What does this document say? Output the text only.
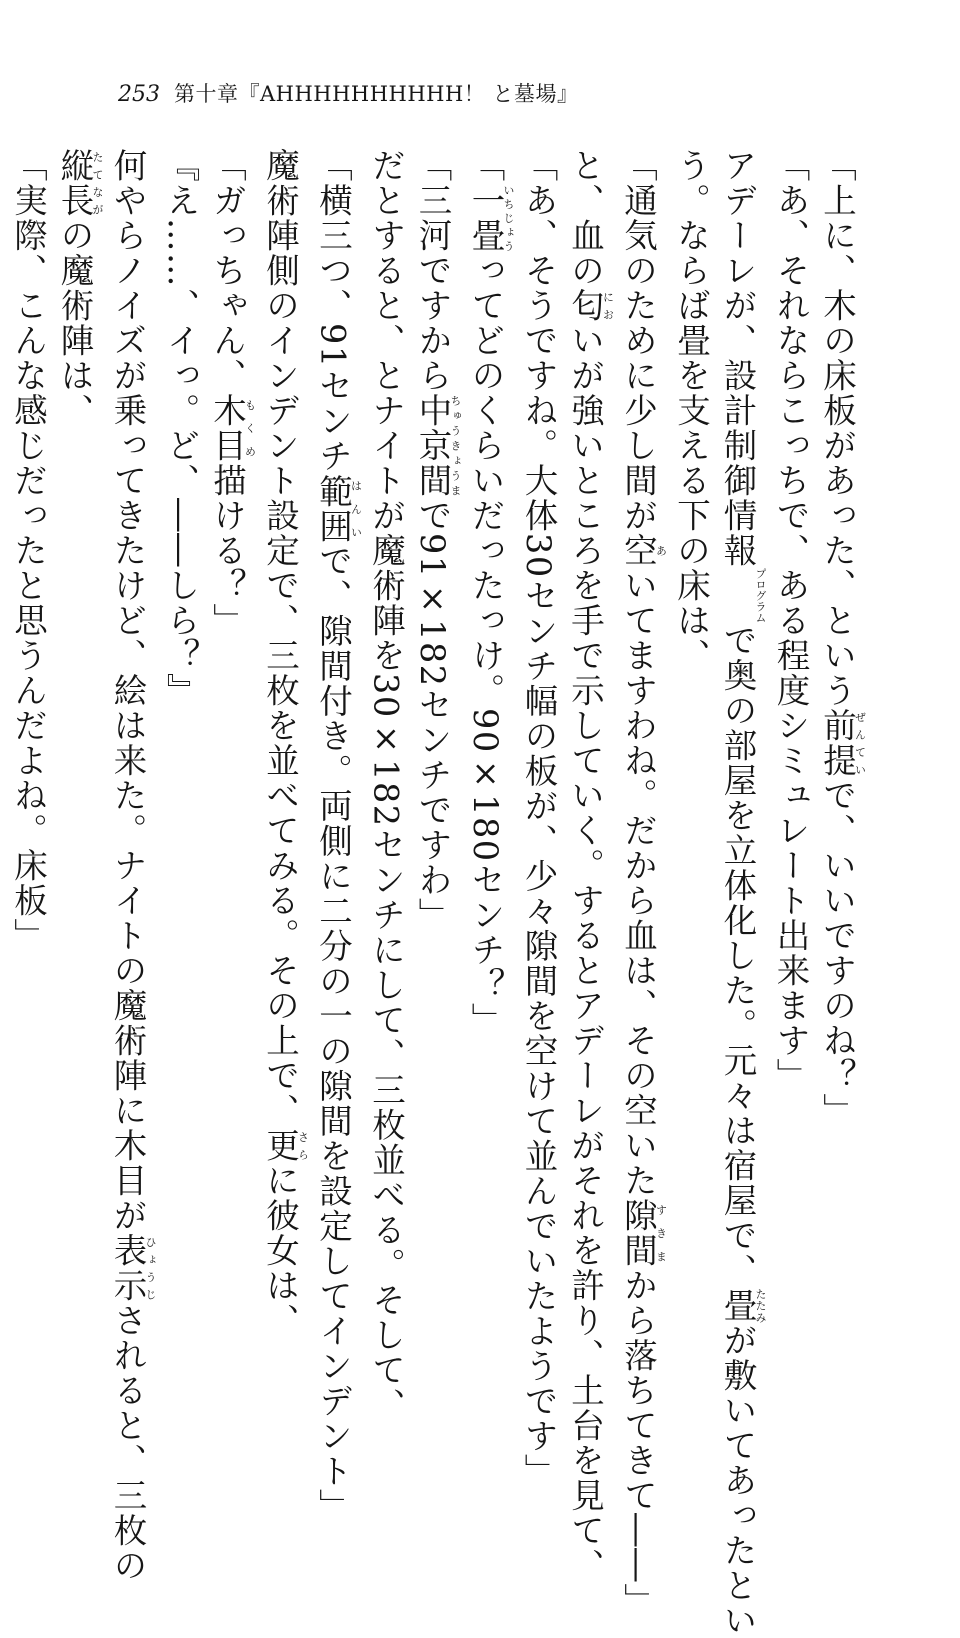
253 第十章『AHHHHHHHHHH！ と墓場』
「上に、木の床板があった、という前提ぜんていで、いいですのね？」
「あ、それならこっちで、ある程度シミュレート出来ます」
アデーレが、設計制御情報プログラムで奥の部屋を立体化した。元々は宿屋で、畳たたみが敷いてあったとい
う。ならば畳を支える下の床は、
「通気のために少し間が空あいてますわね。だから血は、その空いた隙間すきまから落ちてきて――」
と、血の匂においが強いところを手で示していく。するとアデーレがそれを許り、土台を見て、
「あ、そうですね。大体30センチ幅の板が、少々隙間を空けて並んでいたようです」
「一畳いちじょうってどのくらいだったっけ。90×180センチ？」
「三河ですから中京間ちゅうきょうまで91×182センチですわ」
だとすると、とナイトが魔術陣を30×182センチにして、三枚並べる。そして、
「横三つ、91センチ範囲はんいで、隙間付き。両側に二分の一の隙間を設定してインデント」
魔術陣側のインデント設定で、三枚を並べてみる。その上で、更さらに彼女は、
「ガっちゃん、木目もくめ描ける？」
『え……、イっ。ど、――しら？』
何やらノイズが乗ってきたけど、絵は来た。ナイトの魔術陣に木目が表示ひょうじされると、三枚の
縦長たてながの魔術陣は、
「実際、こんな感じだったと思うんだよね。床板」
